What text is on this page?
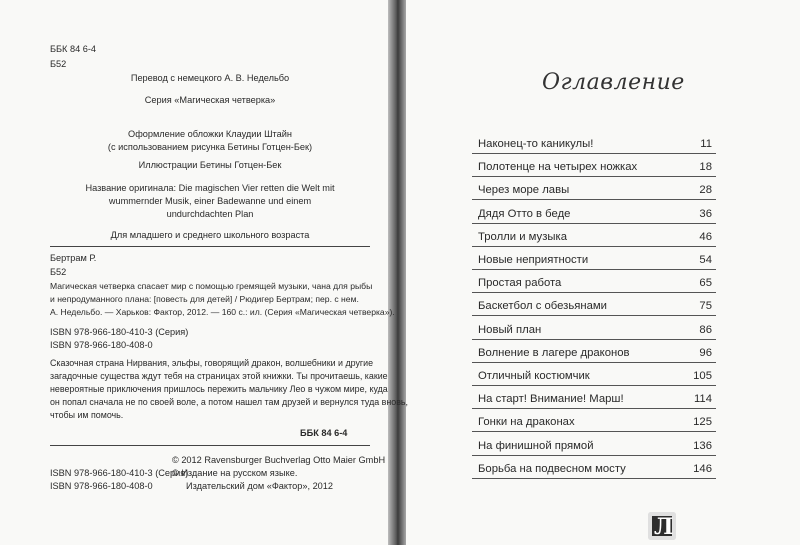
ББК 84 6-4
Б52
Перевод с немецкого А. В. Недельбо
Серия «Магическая четверка»
Оформление обложки Клаудии Штайн
(с использованием рисунка Бетины Готцен-Бек)
Иллюстрации Бетины Готцен-Бек
Название оригинала: Die magischen Vier retten die Welt mit
wummernder Musik, einer Badewanne und einem
undurchdachten Plan
Для младшего и среднего школьного возраста
Бертрам Р.
Б52
Магическая четверка спасает мир с помощью гремящей музыки, чана для рыбы
и непродуманного плана: [повесть для детей] / Рюдигер Бертрам; пер. с нем.
А. Недельбо. — Харьков: Фактор, 2012. — 160 с.: ил. (Серия «Магическая четверка»).
ISBN 978-966-180-410-3 (Серия)
ISBN 978-966-180-408-0
Сказочная страна Нирвания, эльфы, говорящий дракон, волшебники и другие
загадочные существа ждут тебя на страницах этой книжки. Ты прочитаешь, какие
невероятные приключения пришлось пережить мальчику Лео в чужом мире, куда
он попал сначала не по своей воле, а потом нашел там друзей и вернулся туда вновь,
чтобы им помочь.
ББК 84 6-4
ISBN 978-966-180-410-3 (Серия)
ISBN 978-966-180-408-0
© 2012 Ravensburger Buchverlag Otto Maier GmbH
© Издание на русском языке.
Издательский дом «Фактор», 2012
Оглавление
Наконец-то каникулы!	11
Полотенце на четырех ножках	18
Через море лавы	28
Дядя Отто в беде	36
Тролли и музыка	46
Новые неприятности	54
Простая работа	65
Баскетбол с обезьянами	75
Новый план	86
Волнение в лагере драконов	96
Отличный костюмчик	105
На старт! Внимание! Марш!	114
Гонки на драконах	125
На финишной прямой	136
Борьба на подвесном мосту	146
Л
